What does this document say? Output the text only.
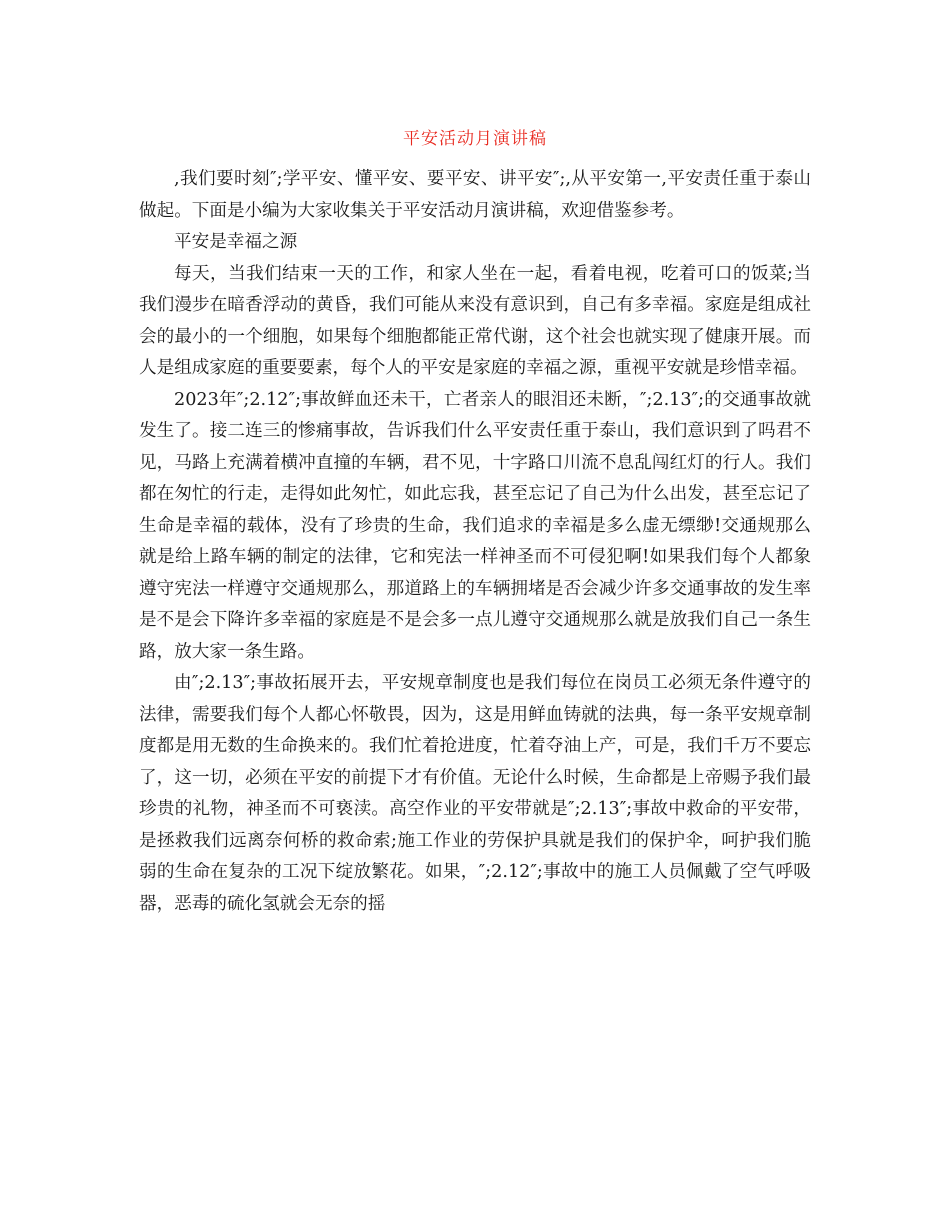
平安活动月演讲稿

,我们要时刻″;学平安、懂平安、要平安、讲平安″;,从平安第一,平安责任重于泰山做起。下面是小编为大家收集关于平安活动月演讲稿，欢迎借鉴参考。

平安是幸福之源

每天，当我们结束一天的工作，和家人坐在一起，看着电视，吃着可口的饭菜;当我们漫步在暗香浮动的黄昏，我们可能从来没有意识到，自己有多幸福。家庭是组成社会的最小的一个细胞，如果每个细胞都能正常代谢，这个社会也就实现了健康开展。而人是组成家庭的重要要素，每个人的平安是家庭的幸福之源，重视平安就是珍惜幸福。

2023年″;2.12″;事故鲜血还未干，亡者亲人的眼泪还未断，″;2.13″;的交通事故就发生了。接二连三的惨痛事故，告诉我们什么平安责任重于泰山，我们意识到了吗君不见，马路上充满着横冲直撞的车辆，君不见，十字路口川流不息乱闯红灯的行人。我们都在匆忙的行走，走得如此匆忙，如此忘我，甚至忘记了自己为什么出发，甚至忘记了生命是幸福的载体，没有了珍贵的生命，我们追求的幸福是多么虚无缥缈!交通规那么就是给上路车辆的制定的法律，它和宪法一样神圣而不可侵犯啊!如果我们每个人都象遵守宪法一样遵守交通规那么，那道路上的车辆拥堵是否会减少许多交通事故的发生率是不是会下降许多幸福的家庭是不是会多一点儿遵守交通规那么就是放我们自己一条生路，放大家一条生路。

由″;2.13″;事故拓展开去，平安规章制度也是我们每位在岗员工必须无条件遵守的法律，需要我们每个人都心怀敬畏，因为，这是用鲜血铸就的法典，每一条平安规章制度都是用无数的生命换来的。我们忙着抢进度，忙着夺油上产，可是，我们千万不要忘了，这一切，必须在平安的前提下才有价值。无论什么时候，生命都是上帝赐予我们最珍贵的礼物，神圣而不可亵渎。高空作业的平安带就是″;2.13″;事故中救命的平安带，是拯救我们远离奈何桥的救命索;施工作业的劳保护具就是我们的保护伞，呵护我们脆弱的生命在复杂的工况下绽放繁花。如果，″;2.12″;事故中的施工人员佩戴了空气呼吸器，恶毒的硫化氢就会无奈的摇
